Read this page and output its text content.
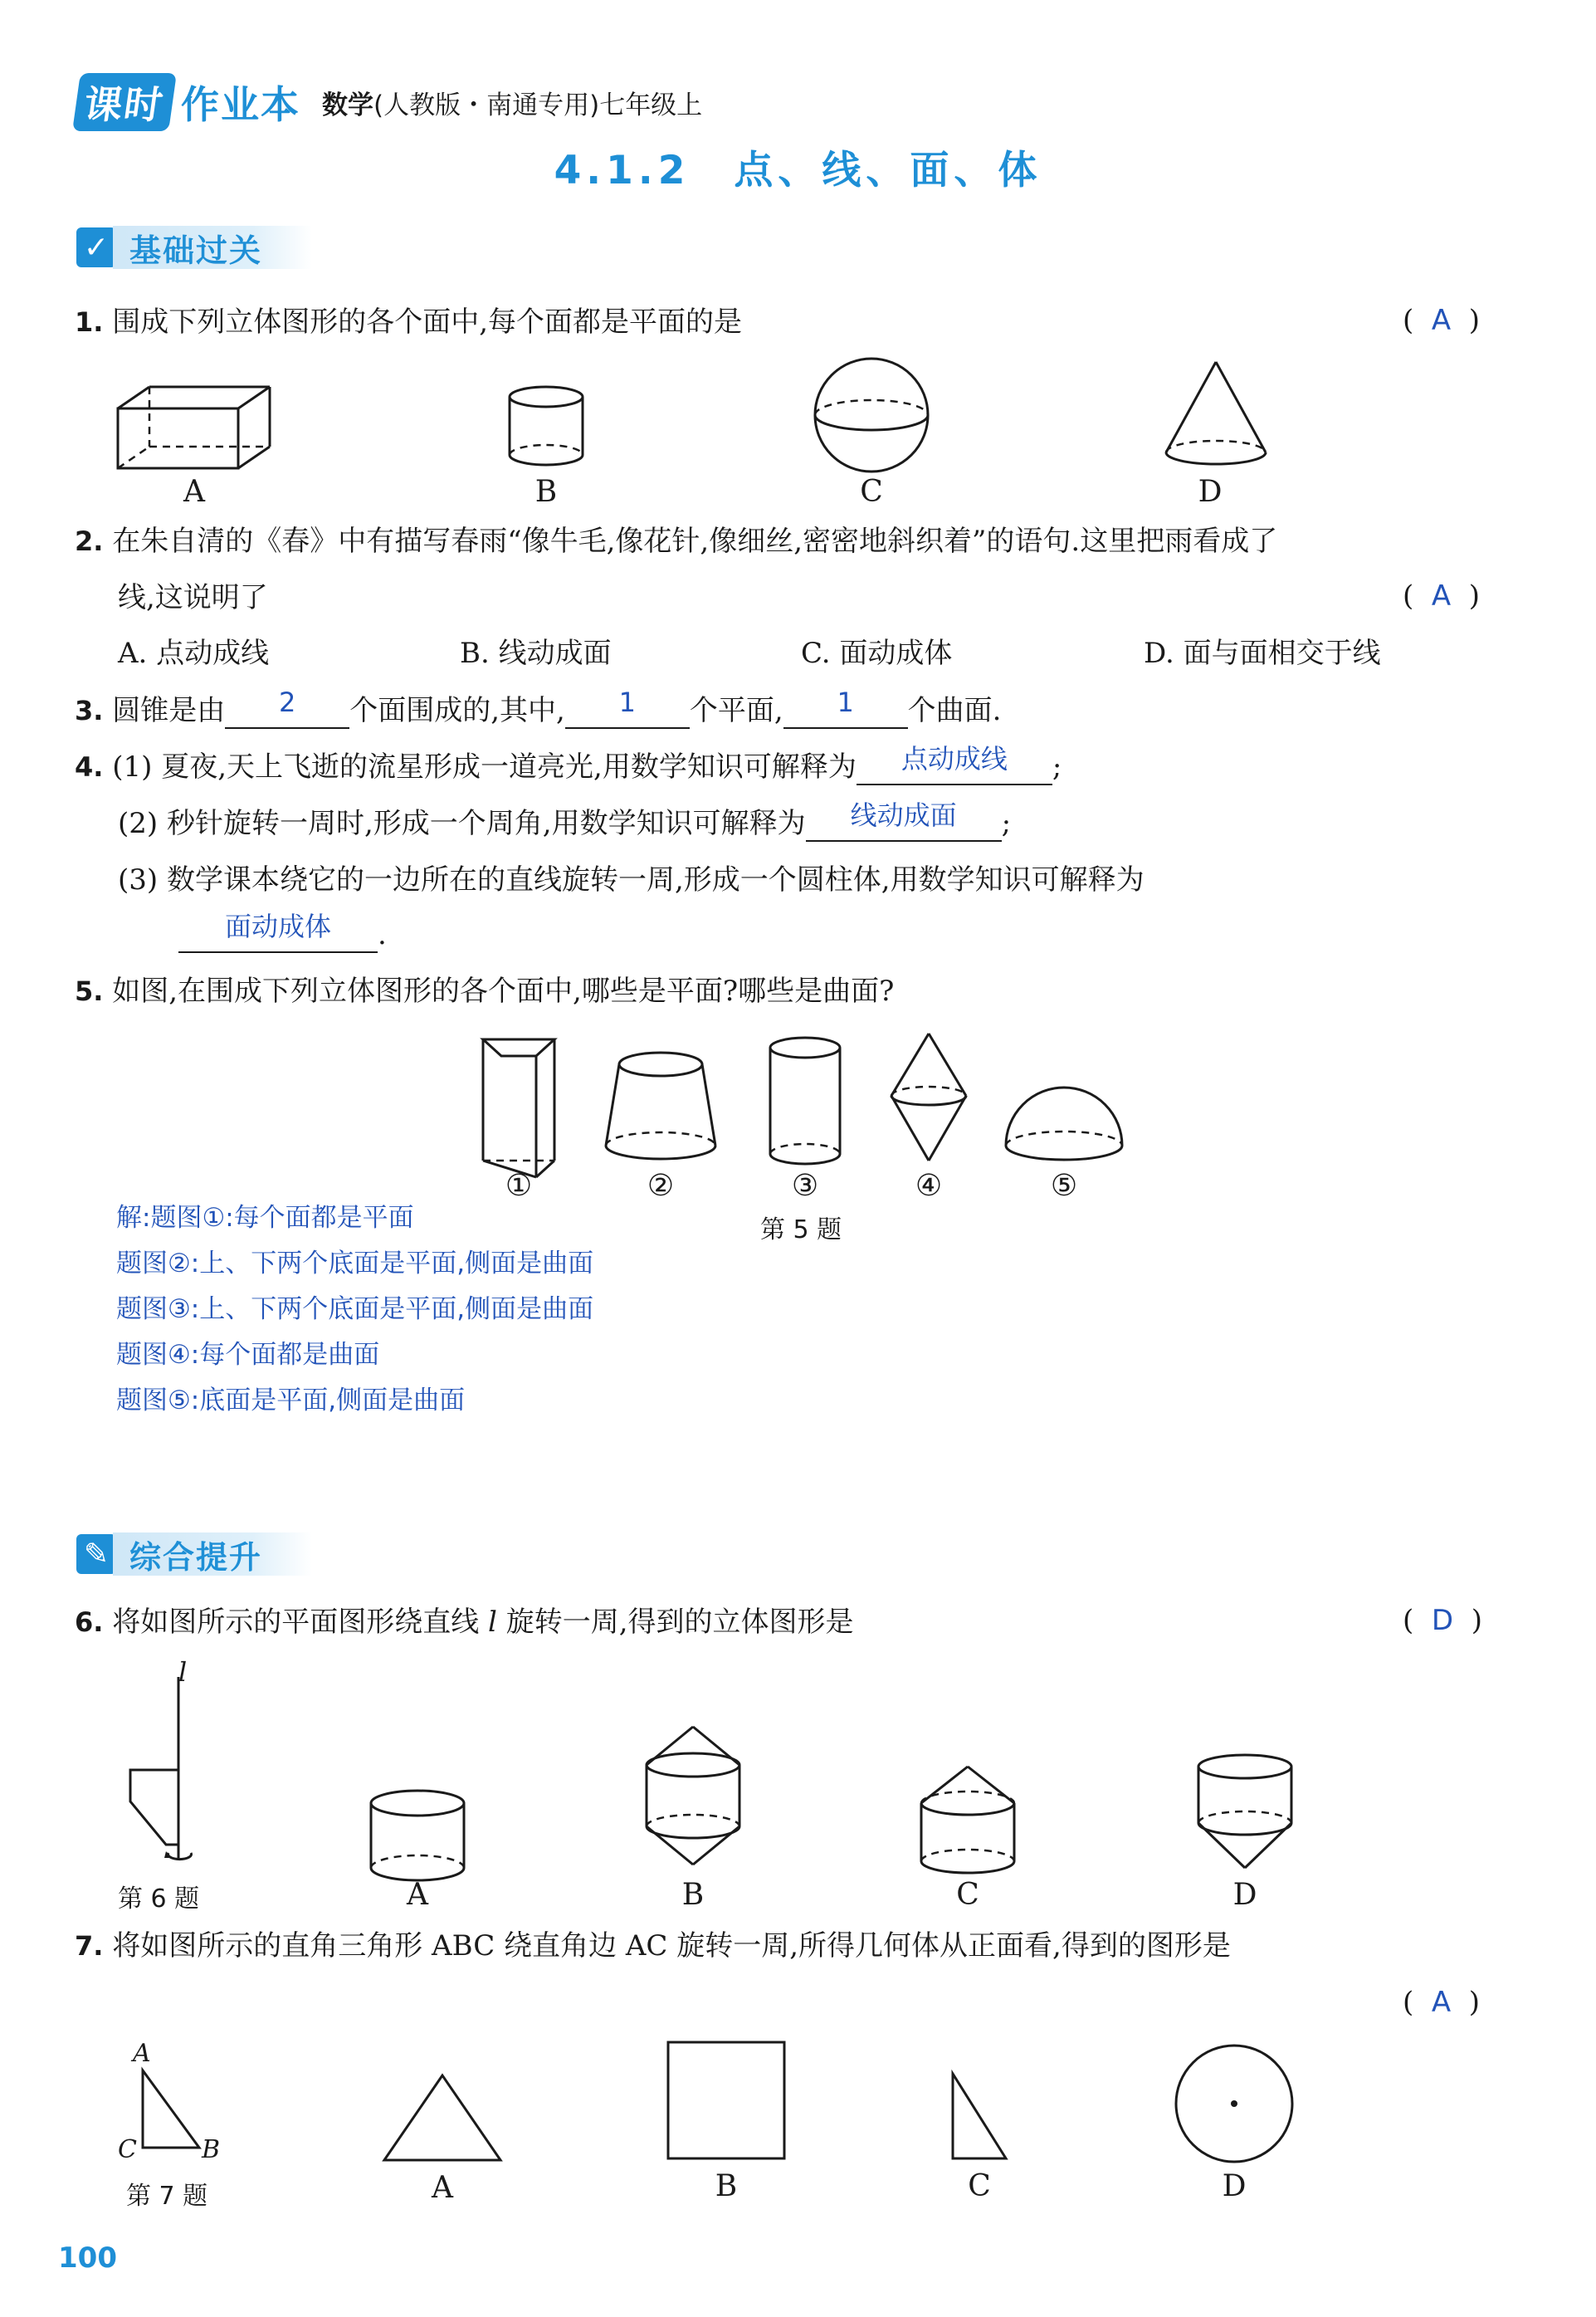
课时 作业本 数学(人教版・南通专用)七年级上
4.1.2　点、线、面、体
✓ 基础过关
1. 围成下列立体图形的各个面中,每个面都是平面的是	(  A  )
A	B	C	D
2. 在朱自清的《春》中有描写春雨“像牛毛,像花针,像细丝,密密地斜织着”的语句.这里把雨看成了
线,这说明了	(  A  )
A. 点动成线	B. 线动成面	C. 面动成体	D. 面与面相交于线
3. 圆锥是由	2	个面围成的,其中,	1	个平面,	1	个曲面.
4. (1) 夏夜,天上飞逝的流星形成一道亮光,用数学知识可解释为	点动成线	;
(2) 秒针旋转一周时,形成一个周角,用数学知识可解释为	线动成面	;
(3) 数学课本绕它的一边所在的直线旋转一周,形成一个圆柱体,用数学知识可解释为
面动成体	.
5. 如图,在围成下列立体图形的各个面中,哪些是平面?哪些是曲面?
①	②	③	④	⑤
第 5 题
解:题图①:每个面都是平面
题图②:上、下两个底面是平面,侧面是曲面
题图③:上、下两个底面是平面,侧面是曲面
题图④:每个面都是曲面
题图⑤:底面是平面,侧面是曲面
✎ 综合提升
6. 将如图所示的平面图形绕直线 l 旋转一周,得到的立体图形是	(  D  )
l
第 6 题	A	B	C	D
7. 将如图所示的直角三角形 ABC 绕直角边 AC 旋转一周,所得几何体从正面看,得到的图形是
(  A  )
A
C	B
第 7 题	A	B	C	D
100
